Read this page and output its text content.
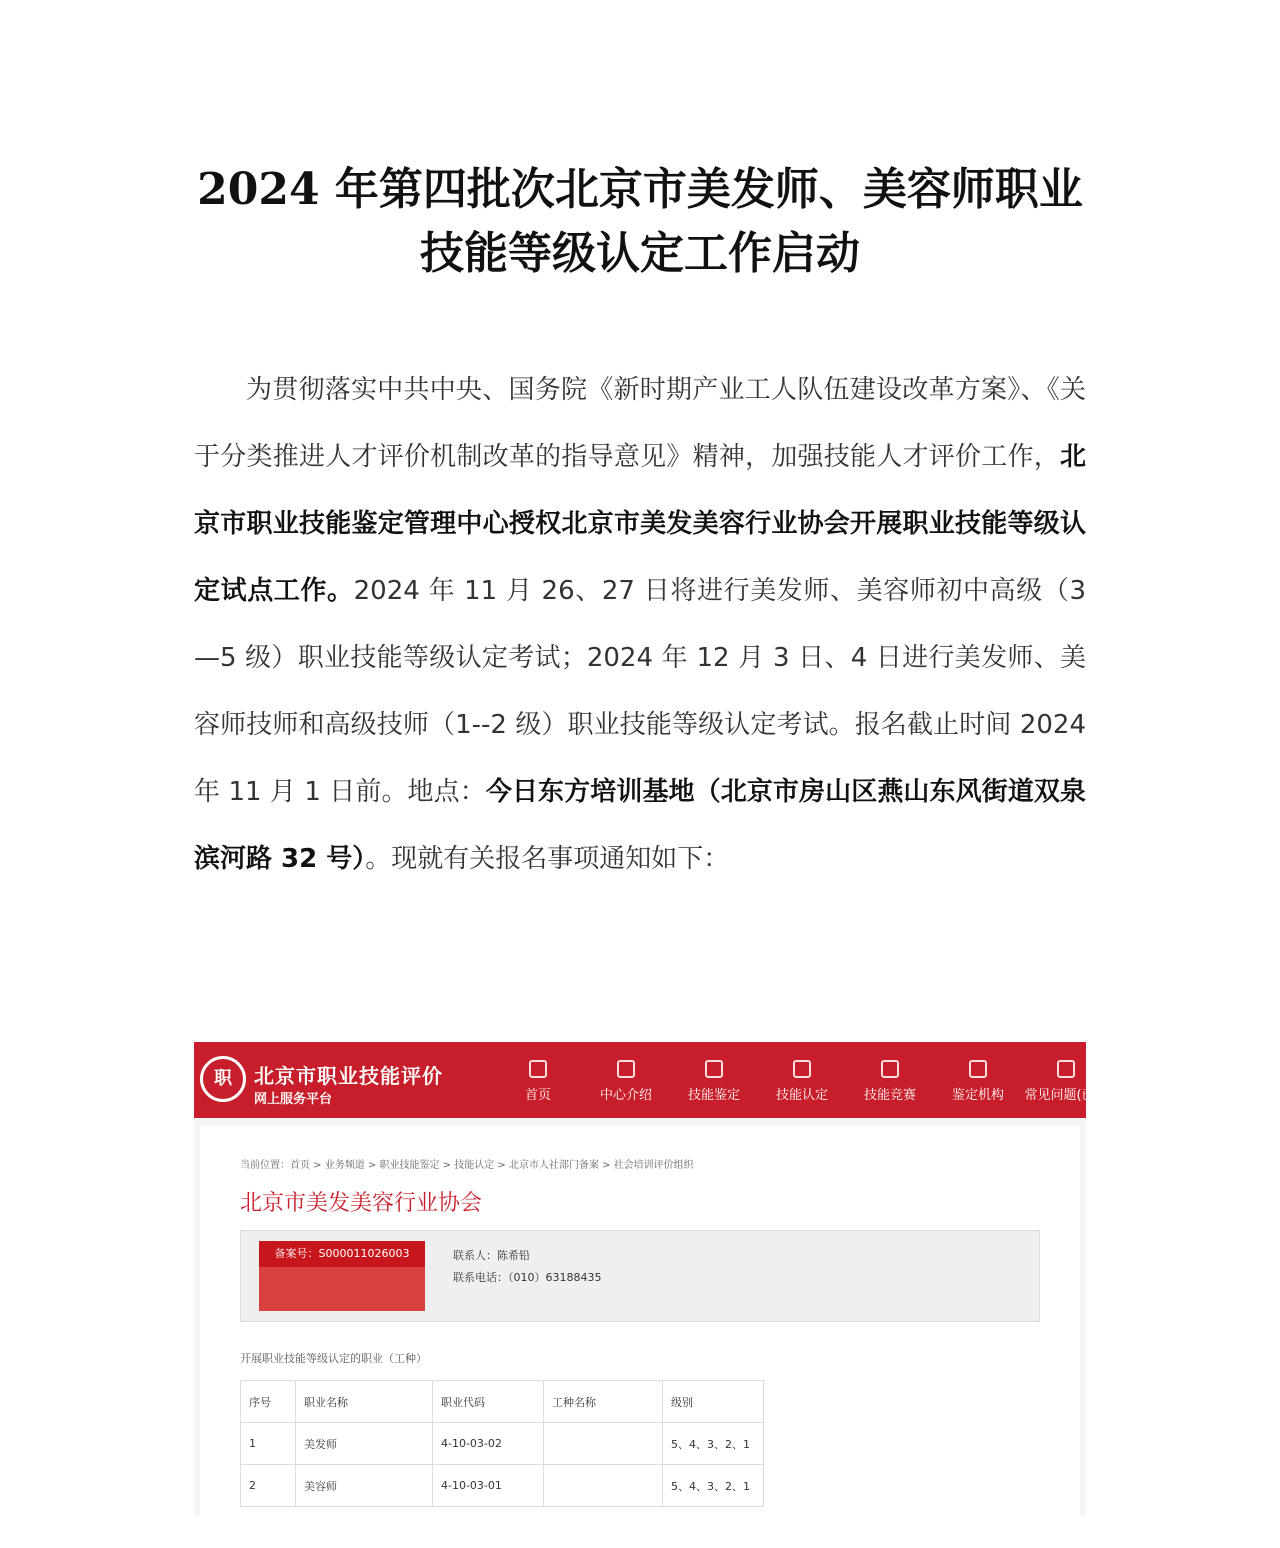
2024 年第四批次北京市美发师、美容师职业
技能等级认定工作启动

为贯彻落实中共中央、国务院《新时期产业工人队伍建设改革方案》、《关于分类推进人才评价机制改革的指导意见》精神，加强技能人才评价工作，北京市职业技能鉴定管理中心授权北京市美发美容行业协会开展职业技能等级认定试点工作。2024 年 11 月 26、27 日将进行美发师、美容师初中高级（3—5 级）职业技能等级认定考试；2024 年 12 月 3 日、4 日进行美发师、美容师技师和高级技师（1--2 级）职业技能等级认定考试。报名截止时间 2024 年 11 月 1 日前。地点：今日东方培训基地（北京市房山区燕山东风街道双泉滨河路 32 号）。现就有关报名事项通知如下：

职	北京市职业技能评价
网上服务平台	首页	中心介绍	技能鉴定	技能认定	技能竞赛	鉴定机构	常见问题(已归
当前位置：首页 > 业务频道 > 职业技能鉴定 > 技能认定 > 北京市人社部门备案 > 社会培训评价组织
北京市美发美容行业协会
备案号：S000011026003	联系人：陈希铅
联系电话：（010）63188435
开展职业技能等级认定的职业（工种）
序号	职业名称	职业代码	工种名称	级别
1	美发师	4-10-03-02		5、4、3、2、1
2	美容师	4-10-03-01		5、4、3、2、1
